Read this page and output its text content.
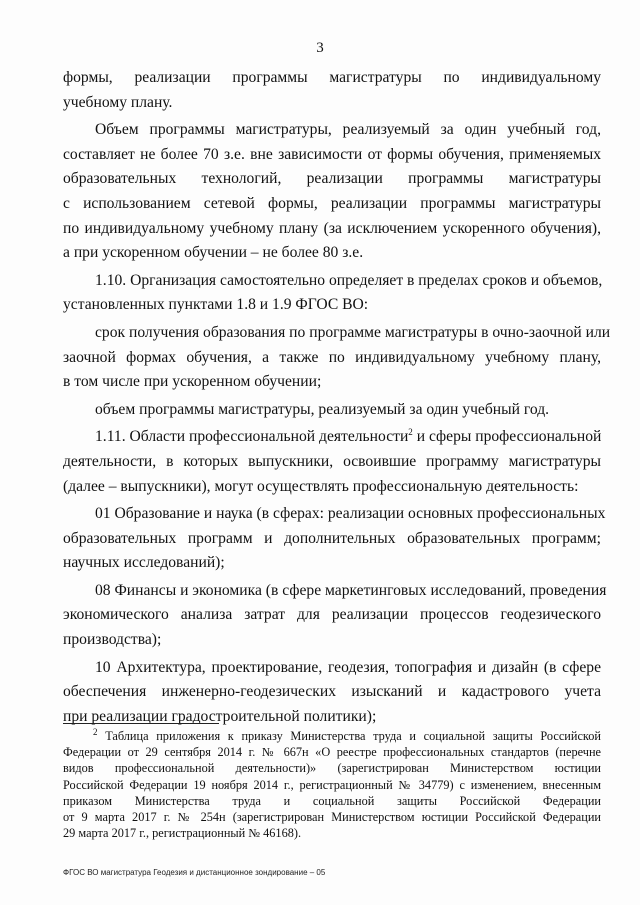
3
формы, реализации программы магистратуры по индивидуальному
учебному плану.
Объем программы магистратуры, реализуемый за один учебный год,
составляет не более 70 з.е. вне зависимости от формы обучения, применяемых
образовательных технологий, реализации программы магистратуры
с использованием сетевой формы, реализации программы магистратуры
по индивидуальному учебному плану (за исключением ускоренного обучения),
а при ускоренном обучении – не более 80 з.е.
1.10. Организация самостоятельно определяет в пределах сроков и объемов,
установленных пунктами 1.8 и 1.9 ФГОС ВО:
срок получения образования по программе магистратуры в очно-заочной или
заочной формах обучения, а также по индивидуальному учебному плану,
в том числе при ускоренном обучении;
объем программы магистратуры, реализуемый за один учебный год.
1.11. Области профессиональной деятельности$^2$ и сферы профессиональной
деятельности, в которых выпускники, освоившие программу магистратуры
(далее – выпускники), могут осуществлять профессиональную деятельность:
01 Образование и наука (в сферах: реализации основных профессиональных
образовательных программ и дополнительных образовательных программ;
научных исследований);
08 Финансы и экономика (в сфере маркетинговых исследований, проведения
экономического анализа затрат для реализации процессов геодезического
производства);
10 Архитектура, проектирование, геодезия, топография и дизайн (в сфере
обеспечения инженерно-геодезических изысканий и кадастрового учета
при реализации градостроительной политики);
$^2$ Таблица приложения к приказу Министерства труда и социальной защиты Российской
Федерации от 29 сентября 2014 г. № 667н «О реестре профессиональных стандартов (перечне
видов профессиональной деятельности)» (зарегистрирован Министерством юстиции
Российской Федерации 19 ноября 2014 г., регистрационный № 34779) с изменением, внесенным
приказом Министерства труда и социальной защиты Российской Федерации
от 9 марта 2017 г. № 254н (зарегистрирован Министерством юстиции Российской Федерации
29 марта 2017 г., регистрационный № 46168).
ФГОС ВО магистратура Геодезия и дистанционное зондирование – 05
